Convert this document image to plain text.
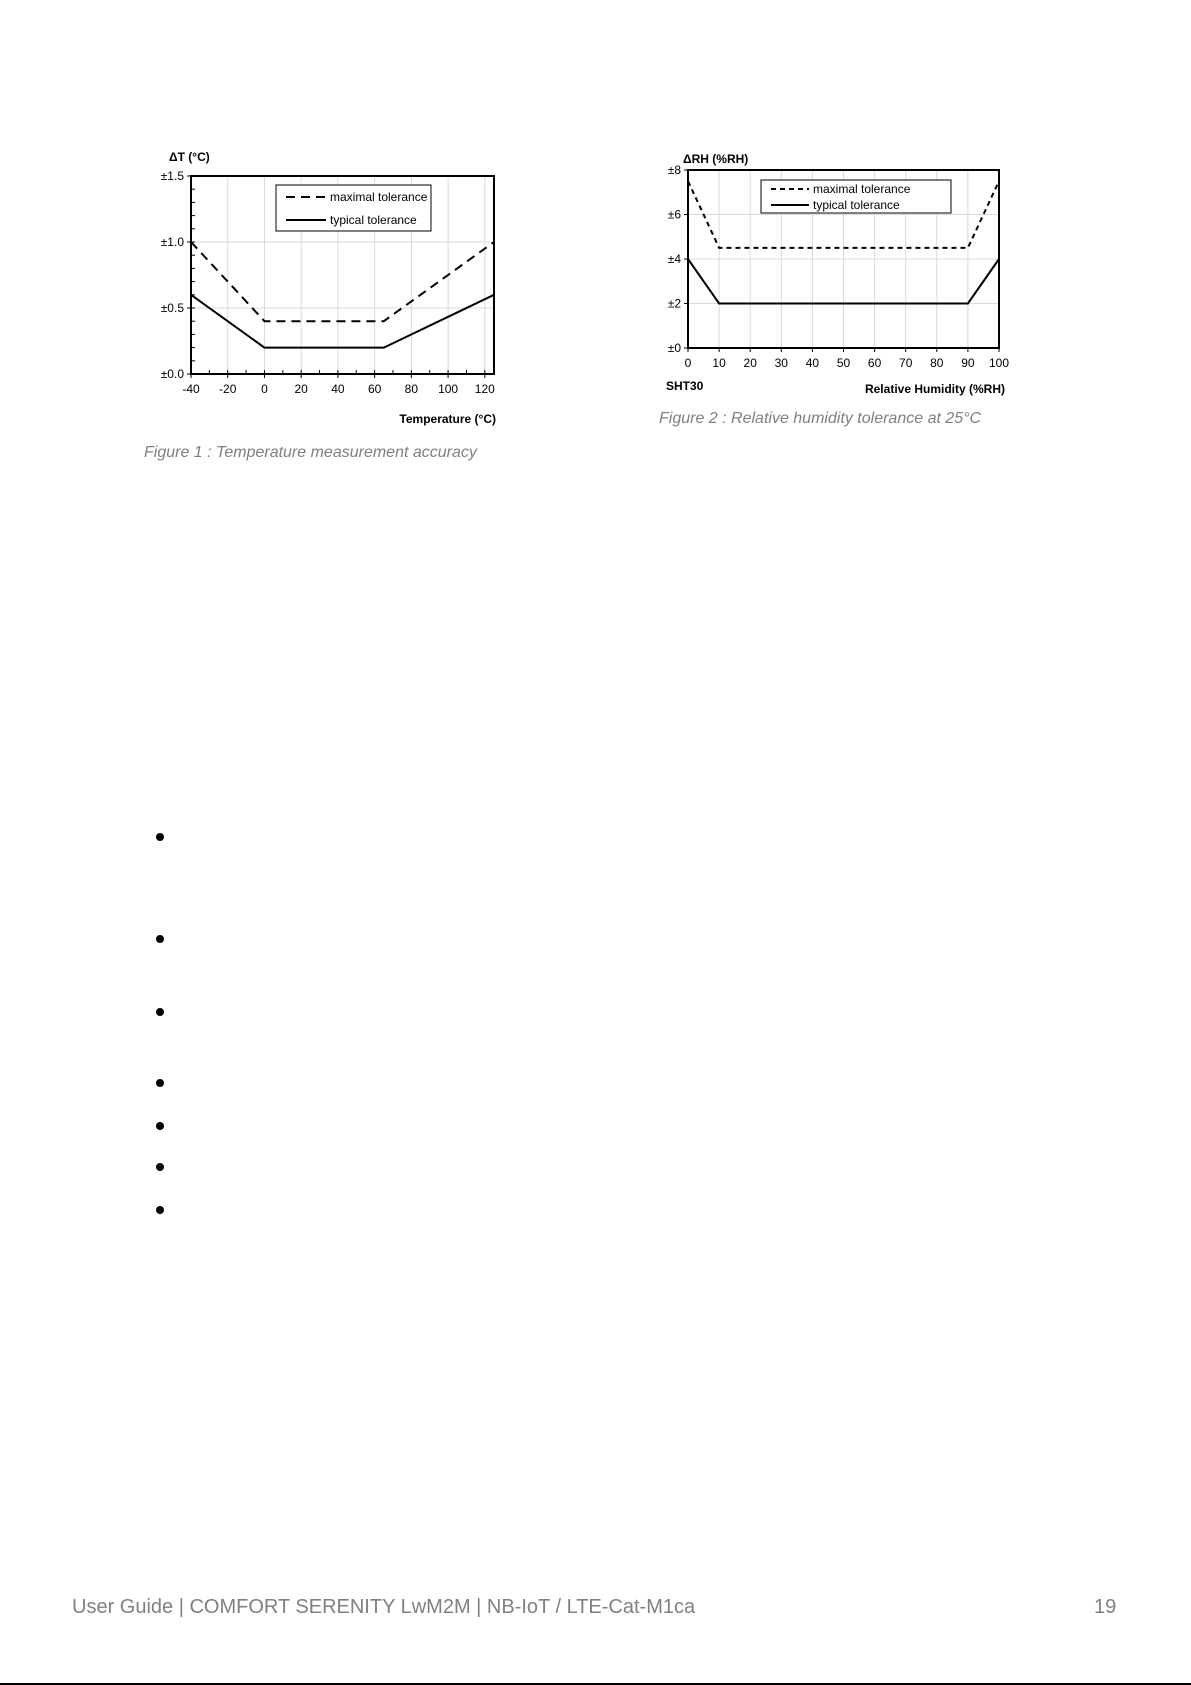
-40 -20 0 20 40 60 80 100 120
±0.0
±0.5
±1.0
±1.5
maximal tolerance
typical tolerance
ΔT (°C)
Temperature (°C)
Figure 1 : Temperature measurement accuracy
0 10 20 30 40 50 60 70 80 90 100
±0
±2
±4
±6
±8
maximal tolerance
typical tolerance
ΔRH (%RH)
Relative Humidity (%RH)
SHT30
Figure 2 : Relative humidity tolerance at 25°C
User Guide | COMFORT SERENITY LwM2M | NB-IoT / LTE-Cat-M1ca	19
